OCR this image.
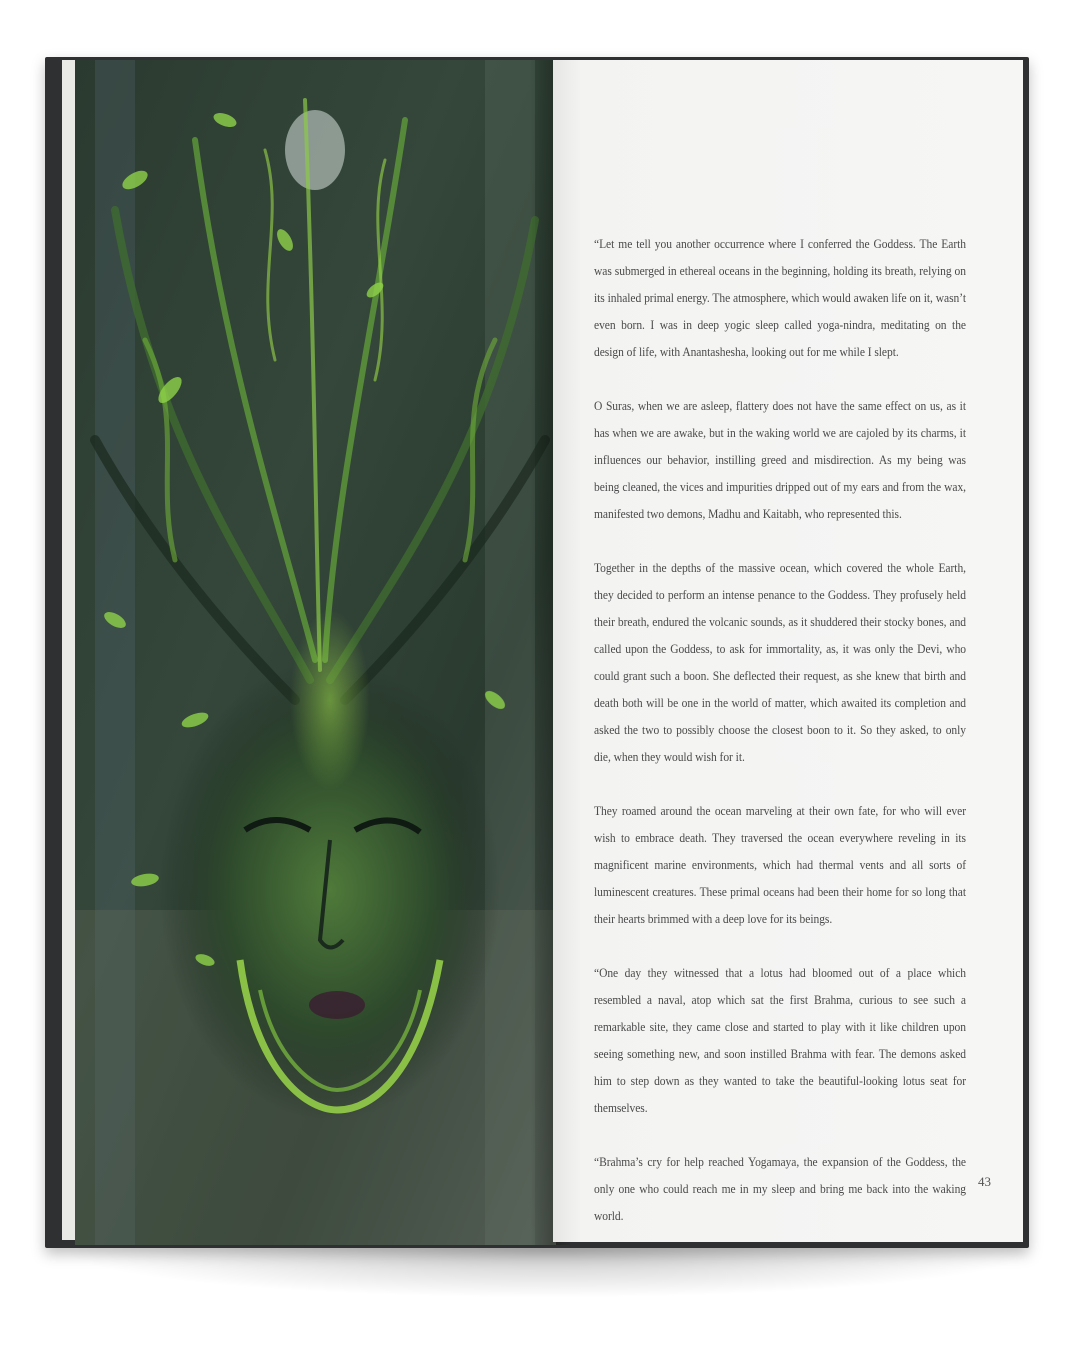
“Let me tell you another occurrence where I conferred the Goddess. The Earth was submerged in ethereal oceans in the beginning, holding its breath, relying on its inhaled primal energy. The atmosphere, which would awaken life on it, wasn’t even born. I was in deep yogic sleep called yoga-nindra, meditating on the design of life, with Anantashesha, looking out for me while I slept.

O Suras, when we are asleep, flattery does not have the same effect on us, as it has when we are awake, but in the waking world we are cajoled by its charms, it influences our behavior, instilling greed and misdirection. As my being was being cleaned, the vices and impurities dripped out of my ears and from the wax, manifested two demons, Madhu and Kaitabh, who represented this.

Together in the depths of the massive ocean, which covered the whole Earth, they decided to perform an intense penance to the Goddess. They profusely held their breath, endured the volcanic sounds, as it shuddered their stocky bones, and called upon the Goddess, to ask for immortality, as, it was only the Devi, who could grant such a boon. She deflected their request, as she knew that birth and death both will be one in the world of matter, which awaited its completion and asked the two to possibly choose the closest boon to it. So they asked, to only die, when they would wish for it.

They roamed around the ocean marveling at their own fate, for who will ever wish to embrace death. They traversed the ocean everywhere reveling in its magnificent marine environments, which had thermal vents and all sorts of luminescent creatures. These primal oceans had been their home for so long that their hearts brimmed with a deep love for its beings.

“One day they witnessed that a lotus had bloomed out of a place which resembled a naval, atop which sat the first Brahma, curious to see such a remarkable site, they came close and started to play with it like children upon seeing something new, and soon instilled Brahma with fear. The demons asked him to step down as they wanted to take the beautiful-looking lotus seat for themselves.

“Brahma’s cry for help reached Yogamaya, the expansion of the Goddess, the only one who could reach me in my sleep and bring me back into the waking world.

43
